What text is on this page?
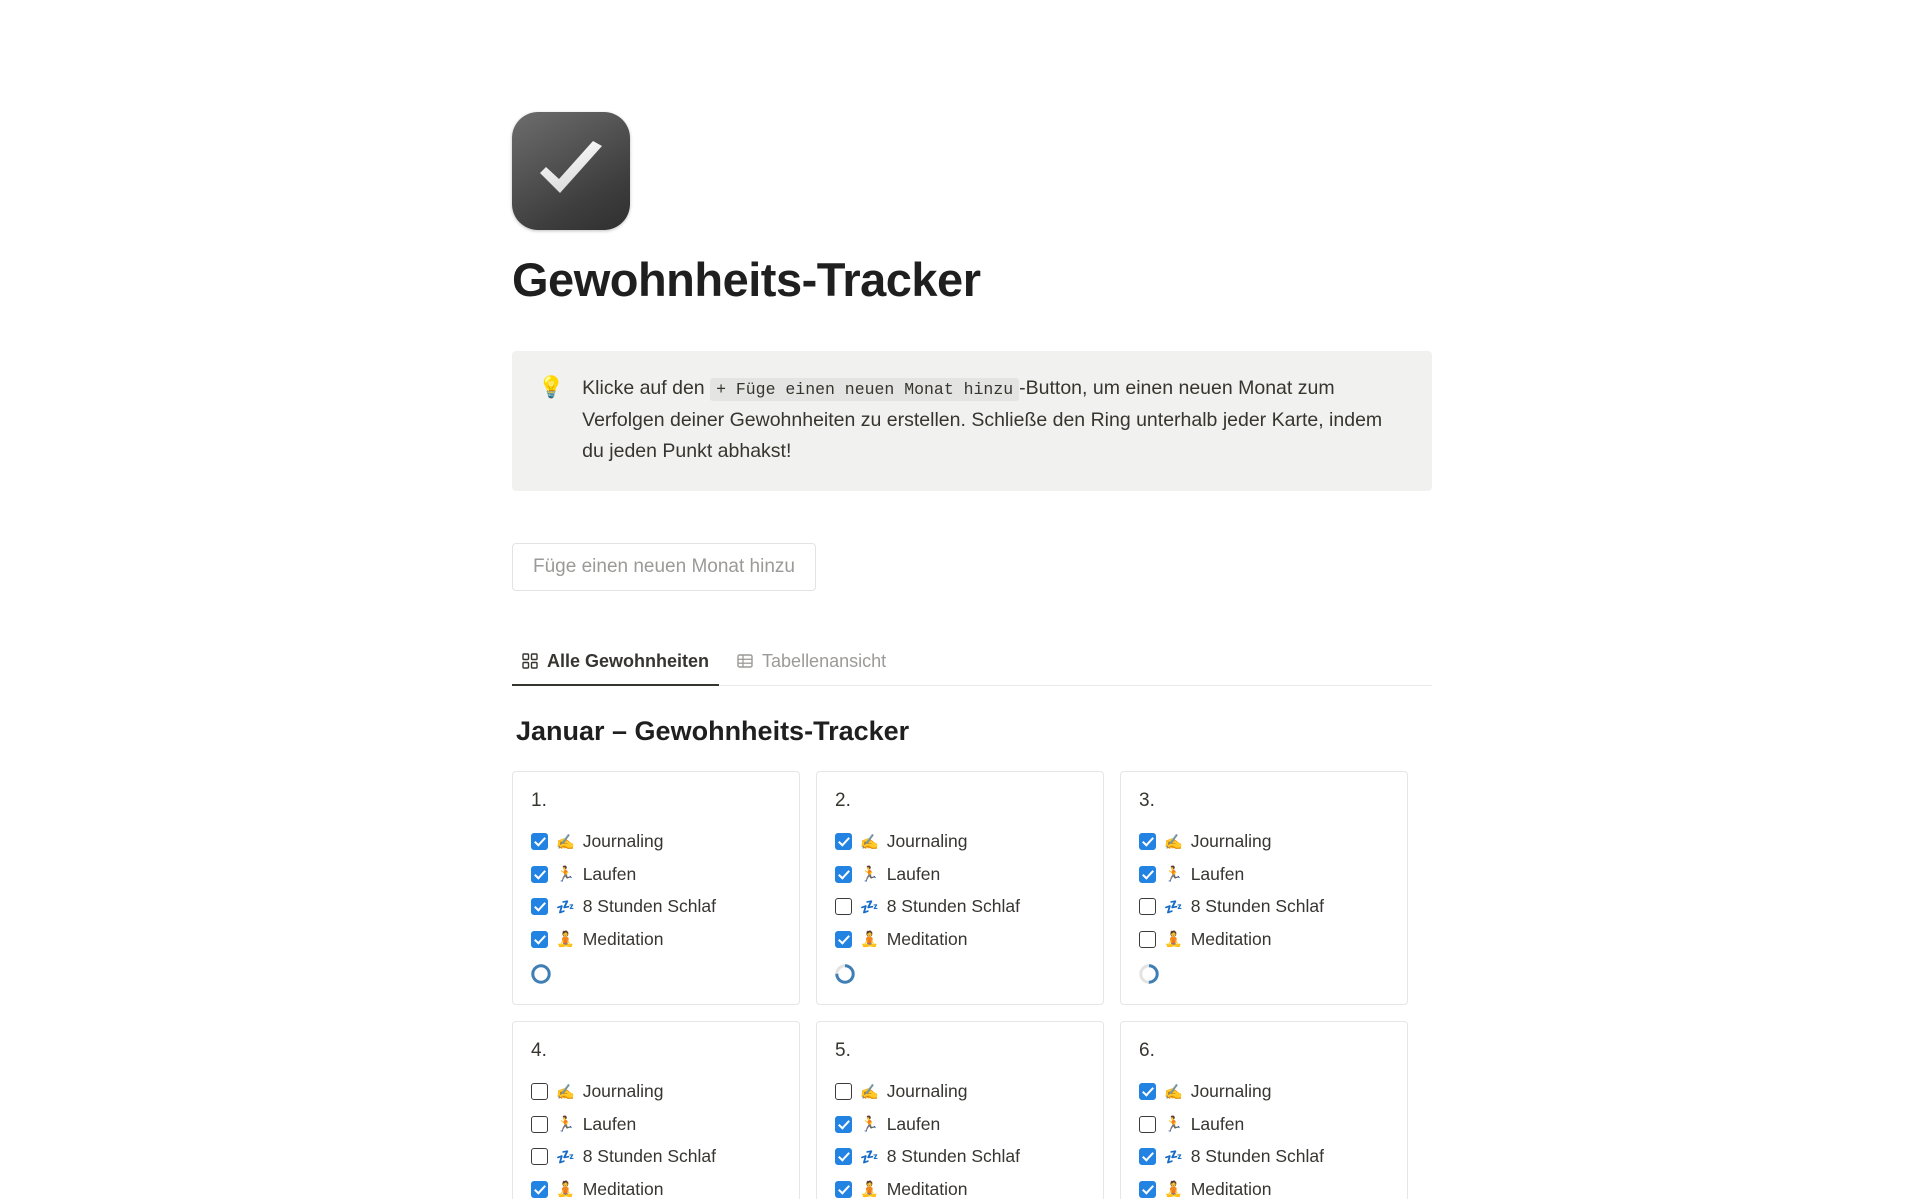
Gewohnheits-Tracker
💡 Klicke auf den + Füge einen neuen Monat hinzu -Button, um einen neuen Monat zum Verfolgen deiner Gewohnheiten zu erstellen. Schließe den Ring unterhalb jeder Karte, indem du jeden Punkt abhakst!
Füge einen neuen Monat hinzu
Alle Gewohnheiten	Tabellenansicht
Januar – Gewohnheits-Tracker
1.
✍️ Journaling
🏃 Laufen
💤 8 Stunden Schlaf
🧘 Meditation
2.
✍️ Journaling
🏃 Laufen
💤 8 Stunden Schlaf
🧘 Meditation
3.
✍️ Journaling
🏃 Laufen
💤 8 Stunden Schlaf
🧘 Meditation
4.
✍️ Journaling
🏃 Laufen
💤 8 Stunden Schlaf
🧘 Meditation
5.
✍️ Journaling
🏃 Laufen
💤 8 Stunden Schlaf
🧘 Meditation
6.
✍️ Journaling
🏃 Laufen
💤 8 Stunden Schlaf
🧘 Meditation
